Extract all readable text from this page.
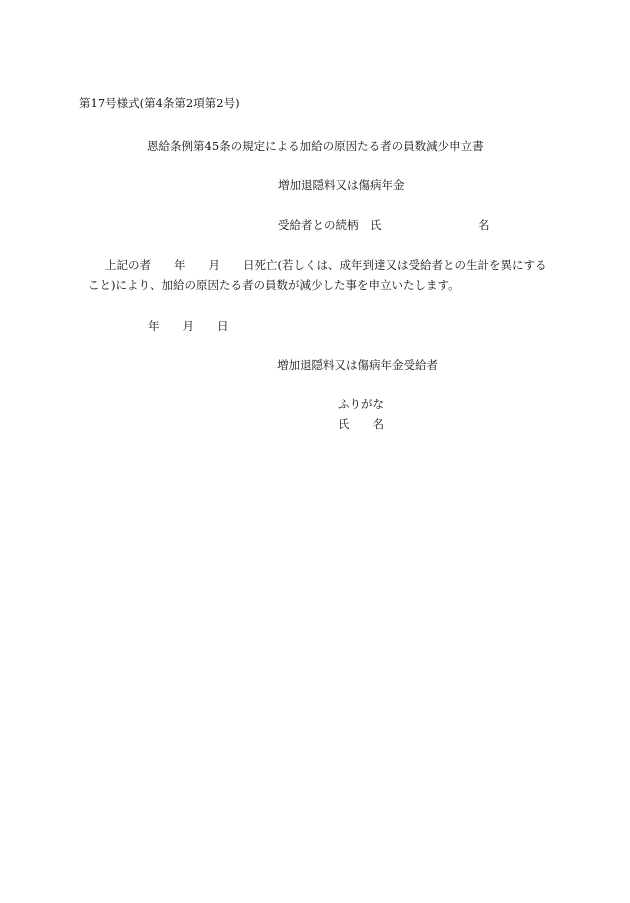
第17号様式(第4条第2項第2号)
恩給条例第45条の規定による加給の原因たる者の員数減少申立書
増加退隠料又は傷病年金
受給者との続柄　氏	名
上記の者　　年　　月　　日死亡(若しくは、成年到達又は受給者との生計を異にする
こと)により、加給の原因たる者の員数が減少した事を申立いたします。
年　　月　　日
増加退隠料又は傷病年金受給者
ふりがな
氏　　名
